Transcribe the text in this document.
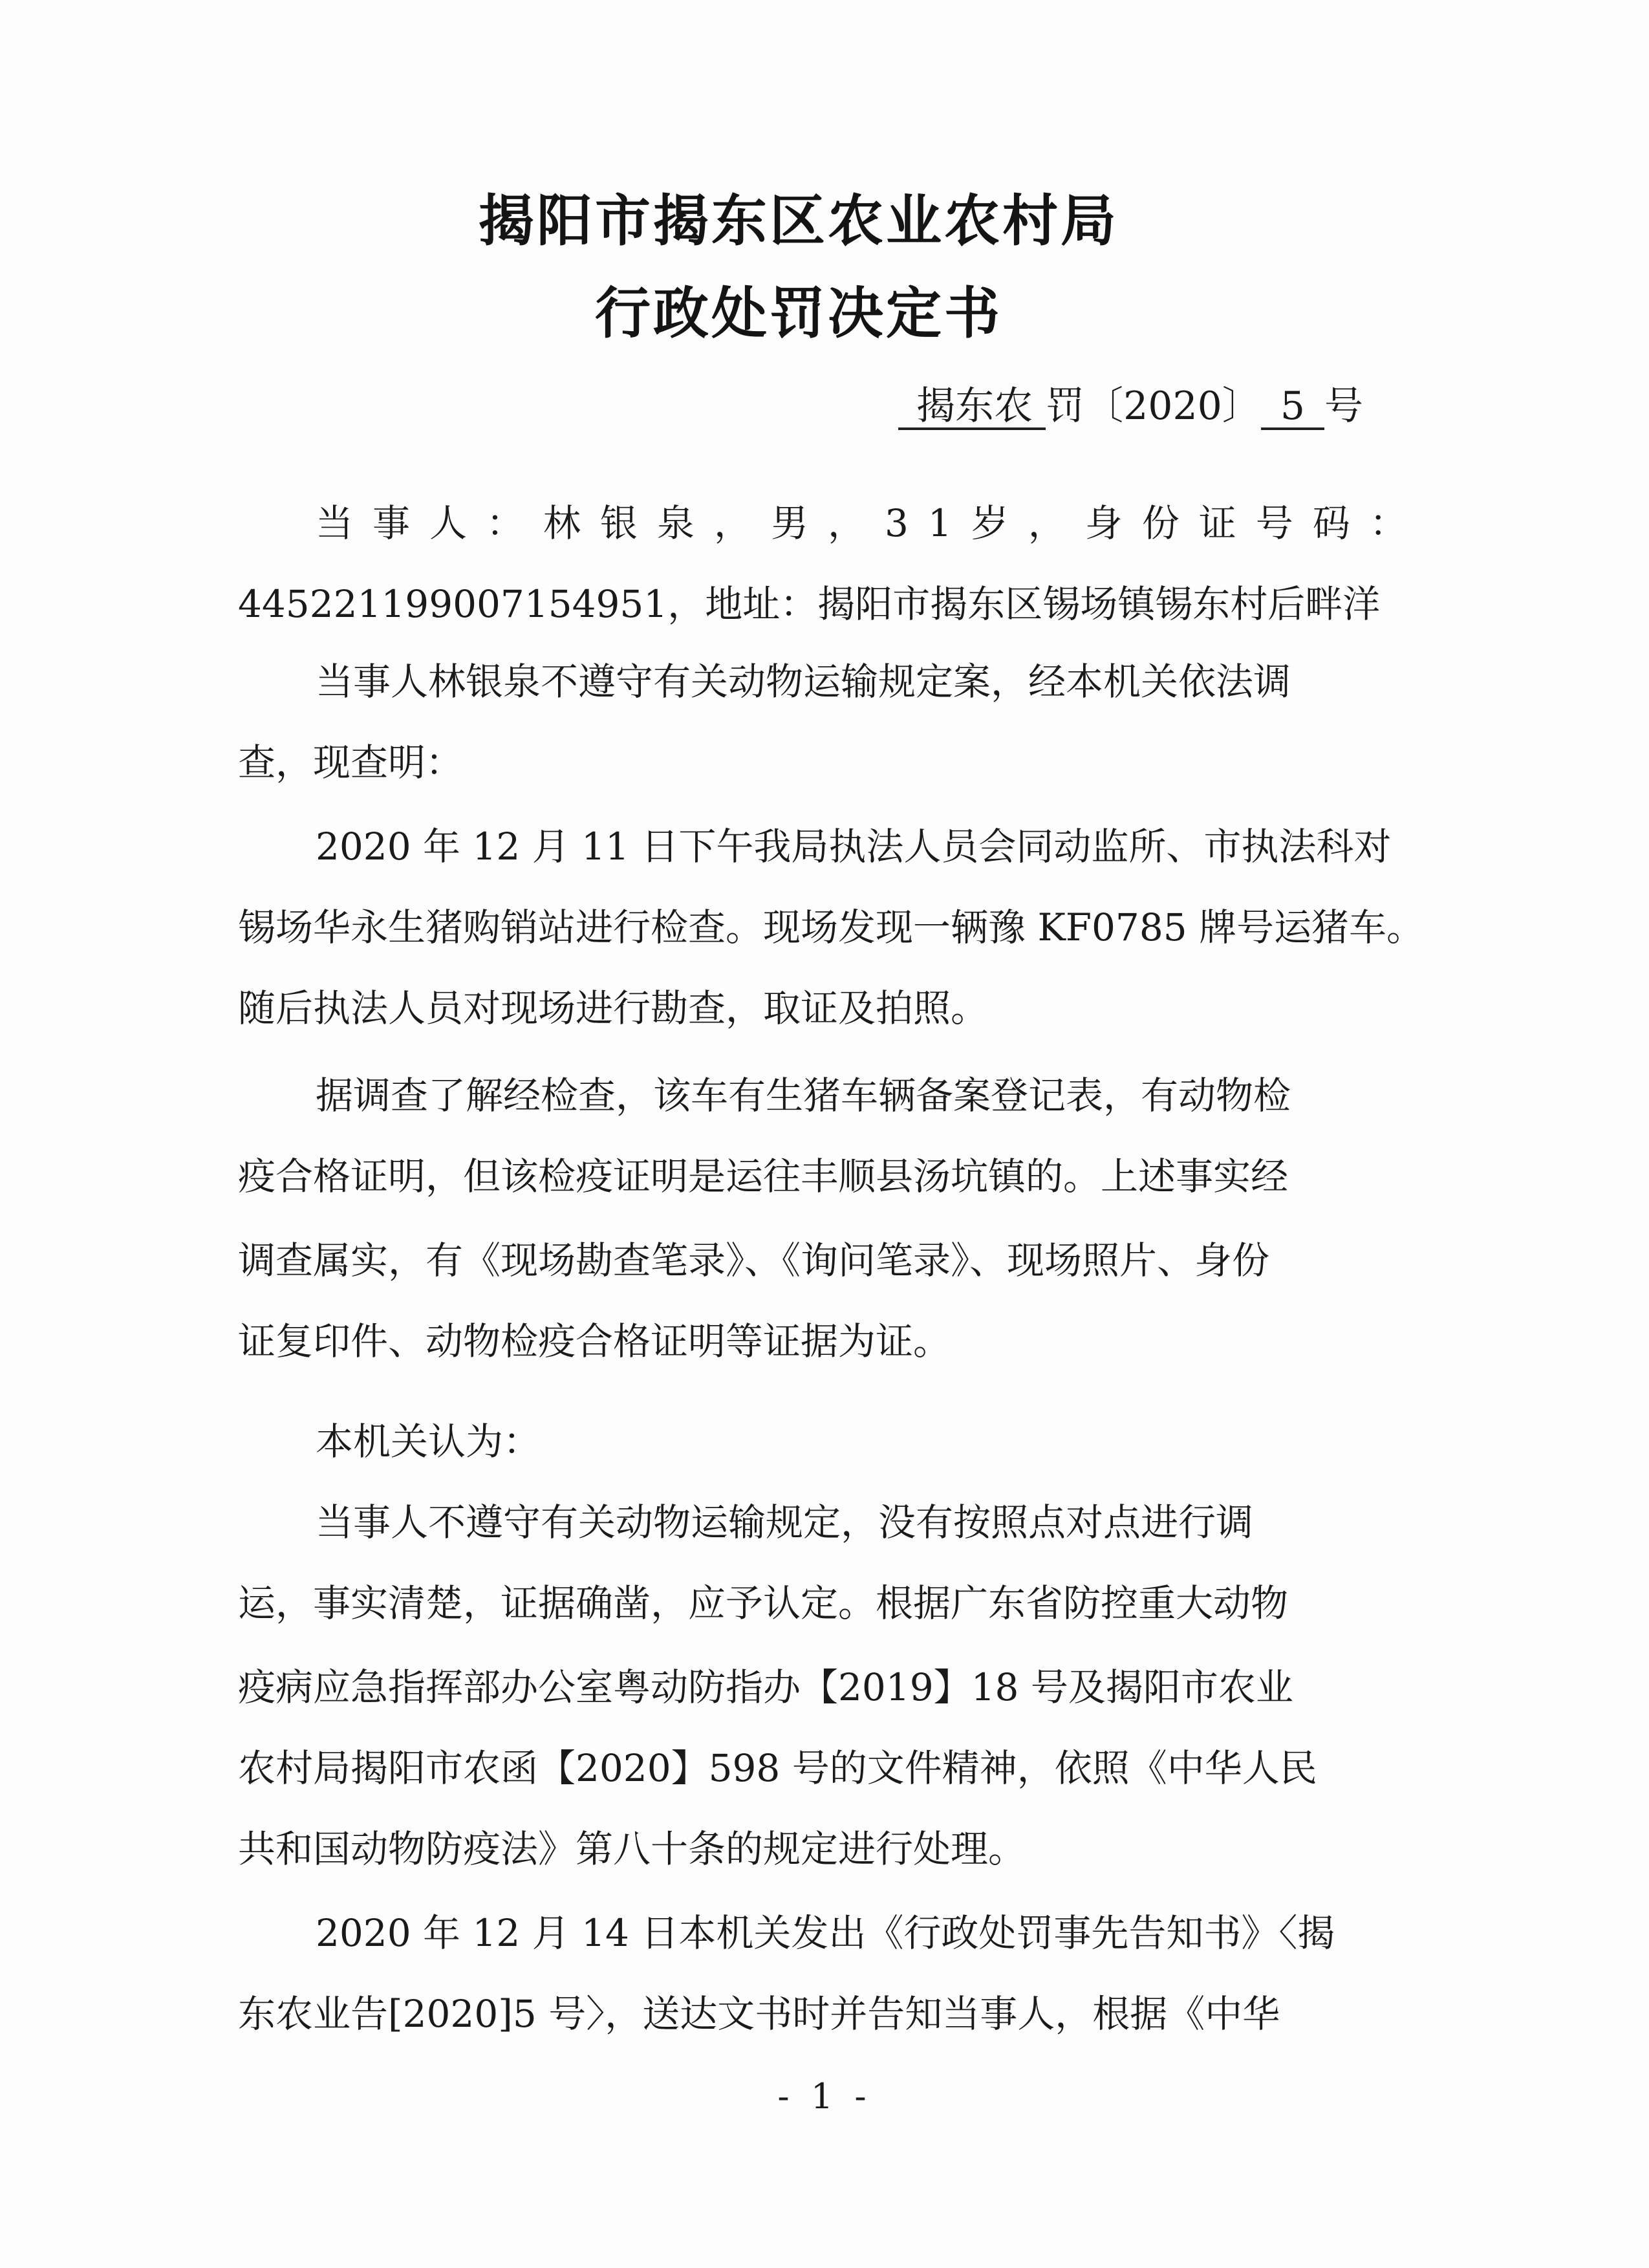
揭阳市揭东区农业农村局
行政处罚决定书
揭东农 罚〔2020〕 5 号
当事人：林银泉，男，31岁，身份证号码：
445221199007154951，地址：揭阳市揭东区锡场镇锡东村后畔洋
当事人林银泉不遵守有关动物运输规定案，经本机关依法调
查，现查明：
2020 年 12 月 11 日下午我局执法人员会同动监所、市执法科对
锡场华永生猪购销站进行检查。现场发现一辆豫 KF0785 牌号运猪车。
随后执法人员对现场进行勘查，取证及拍照。
据调查了解经检查，该车有生猪车辆备案登记表，有动物检
疫合格证明，但该检疫证明是运往丰顺县汤坑镇的。上述事实经
调查属实，有《现场勘查笔录》、《询问笔录》、现场照片、身份
证复印件、动物检疫合格证明等证据为证。
本机关认为：
当事人不遵守有关动物运输规定，没有按照点对点进行调
运，事实清楚，证据确凿，应予认定。根据广东省防控重大动物
疫病应急指挥部办公室粤动防指办【2019】18 号及揭阳市农业
农村局揭阳市农函【2020】598 号的文件精神，依照《中华人民
共和国动物防疫法》第八十条的规定进行处理。
2020 年 12 月 14 日本机关发出《行政处罚事先告知书》〈揭
东农业告[2020]5 号〉，送达文书时并告知当事人，根据《中华
- 1 -
